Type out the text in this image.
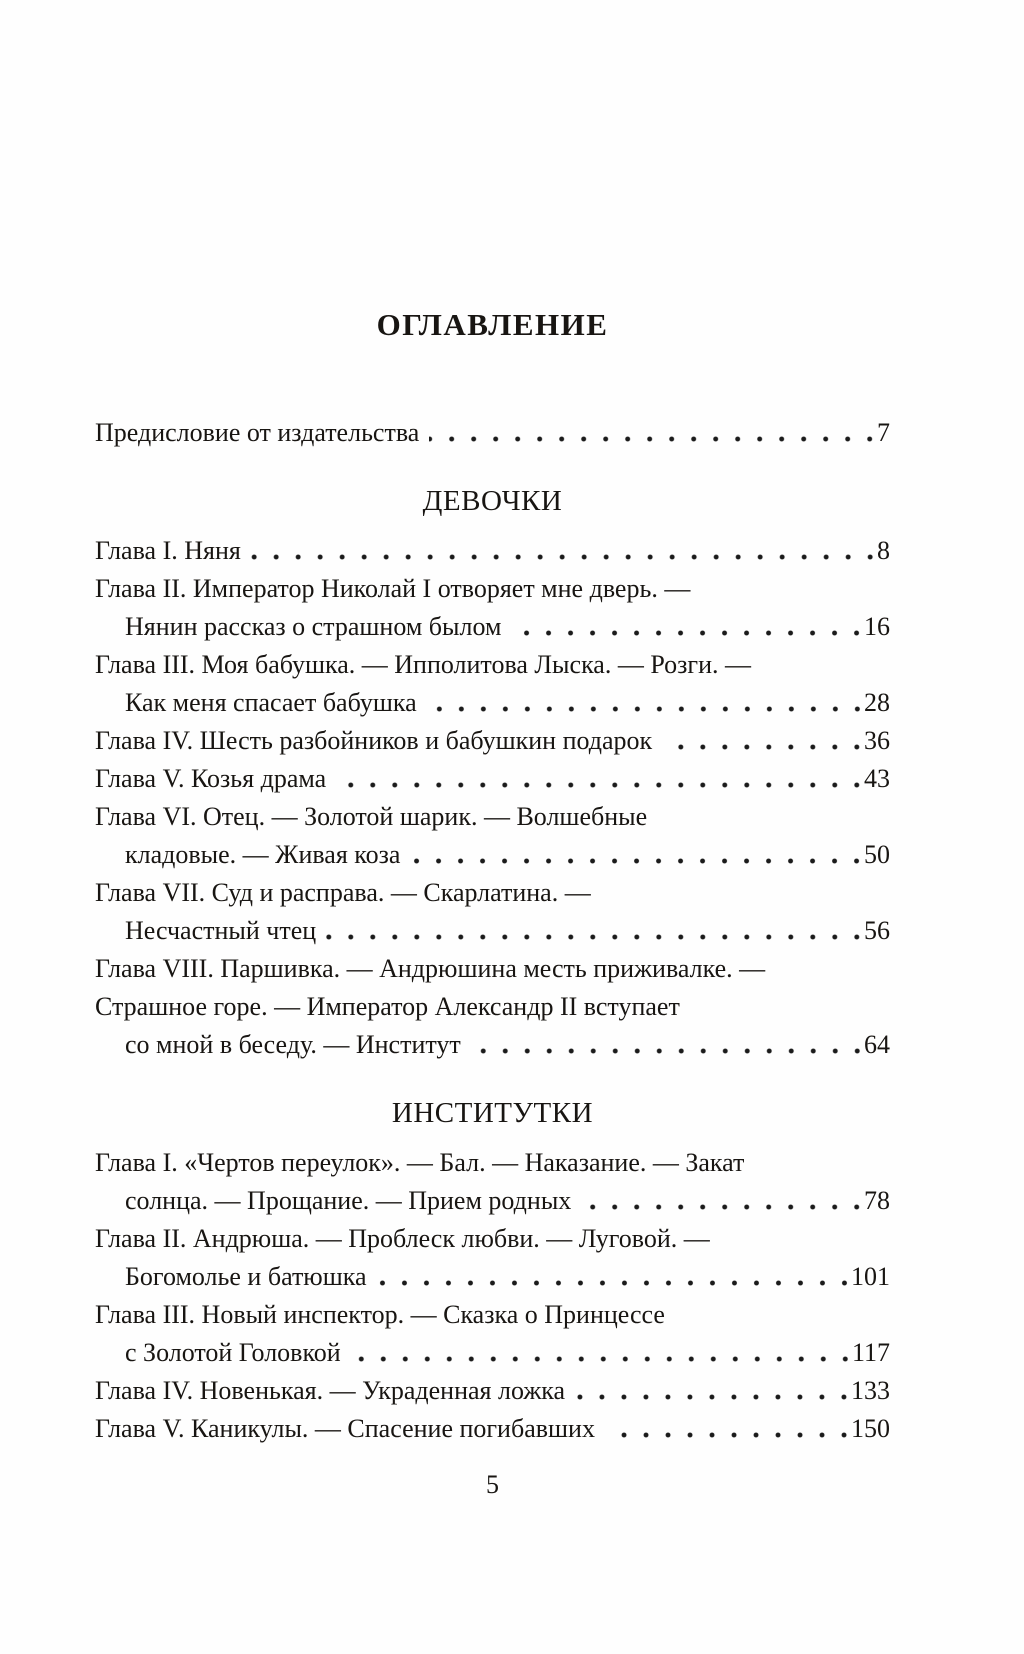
ОГЛАВЛЕНИЕ
Предисловие от издательства	7
ДЕВОЧКИ
Глава I. Няня	8
Глава II. Император Николай I отворяет мне дверь. —
Нянин рассказ о страшном былом	16
Глава III. Моя бабушка. — Ипполитова Лыска. — Розги. —
Как меня спасает бабушка	28
Глава IV. Шесть разбойников и бабушкин подарок	36
Глава V. Козья драма	43
Глава VI. Отец. — Золотой шарик. — Волшебные
кладовые. — Живая коза	50
Глава VII. Суд и расправа. — Скарлатина. —
Несчастный чтец	56
Глава VIII. Паршивка. — Андрюшина месть приживалке. —
Страшное горе. — Император Александр II вступает
со мной в беседу. — Институт	64
ИНСТИТУТКИ
Глава I. «Чертов переулок». — Бал. — Наказание. — Закат
солнца. — Прощание. — Прием родных	78
Глава II. Андрюша. — Проблеск любви. — Луговой. —
Богомолье и батюшка	101
Глава III. Новый инспектор. — Сказка о Принцессе
с Золотой Головкой	117
Глава IV. Новенькая. — Украденная ложка	133
Глава V. Каникулы. — Спасение погибавших	150
5
